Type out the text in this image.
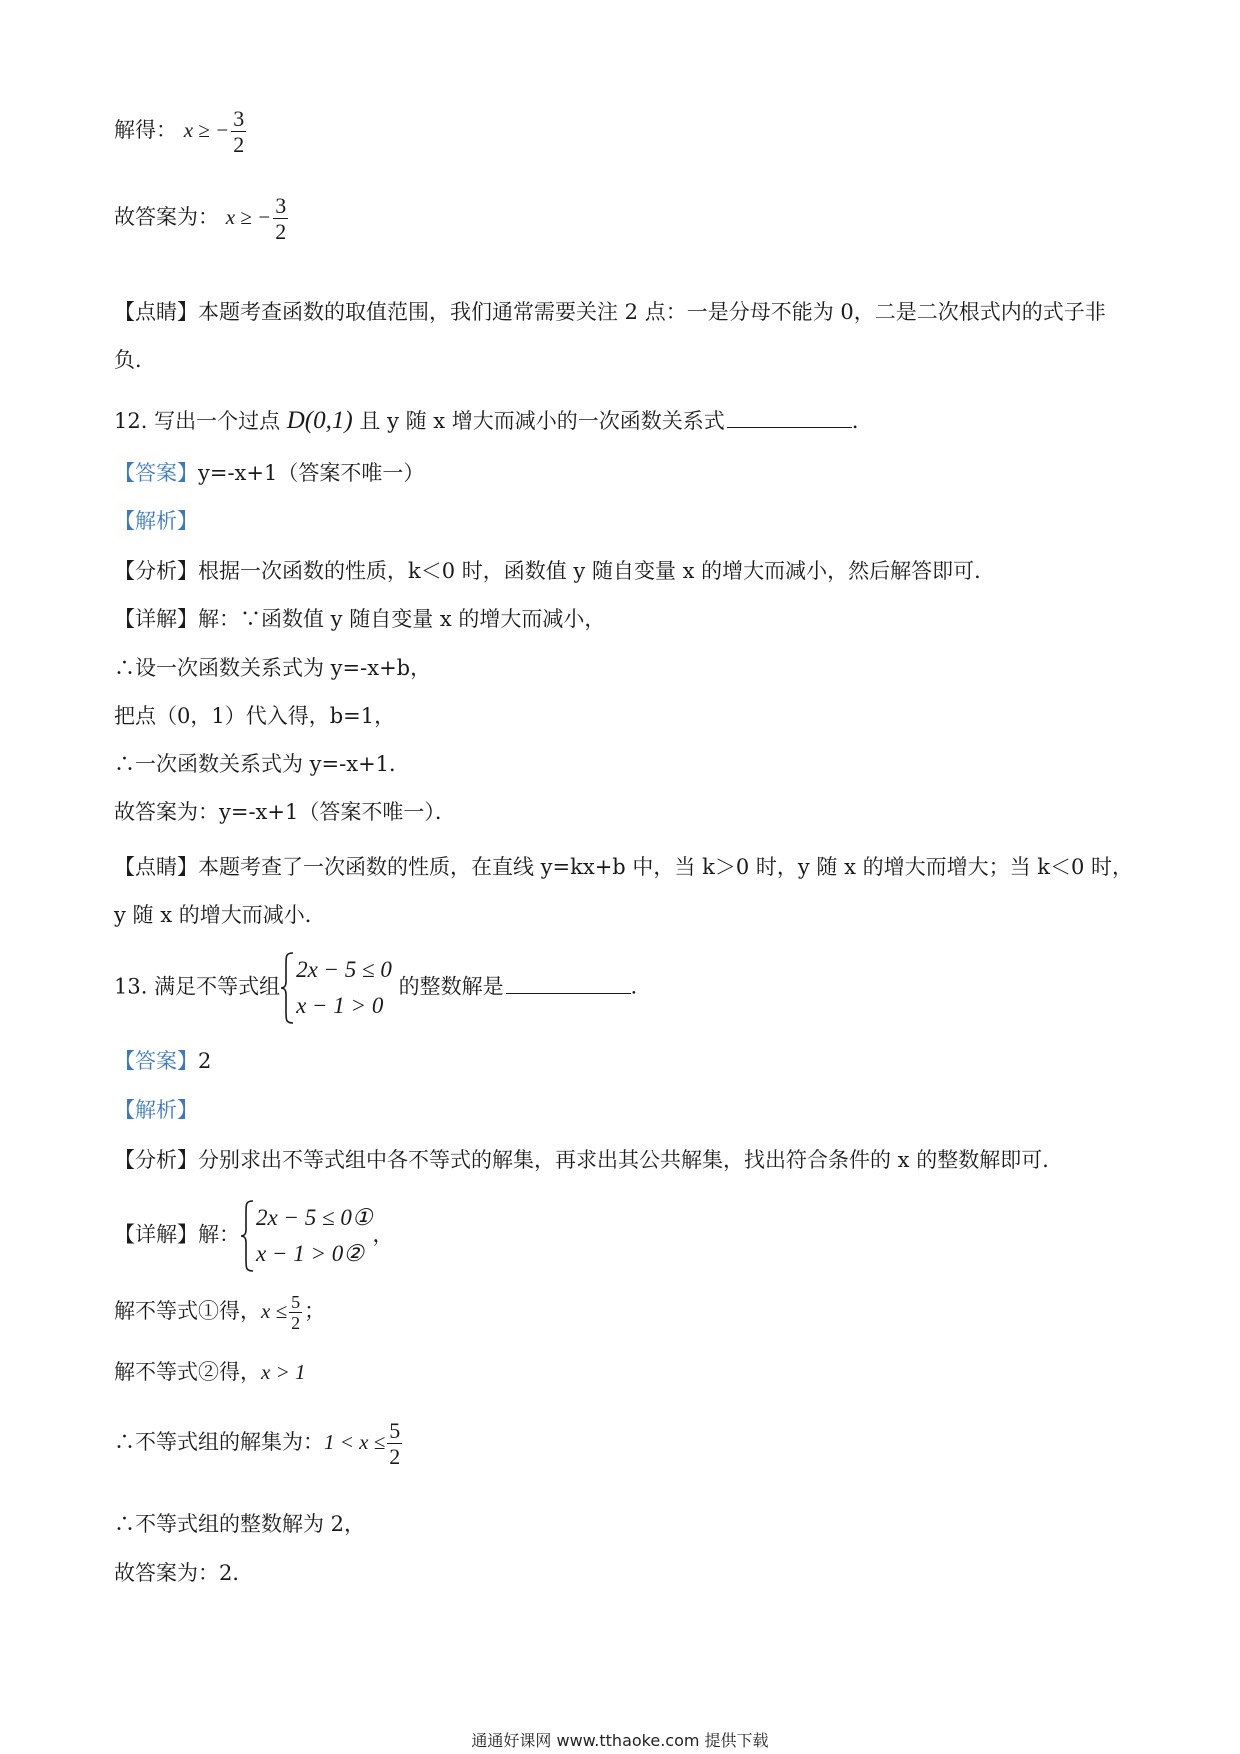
解得： x ≥ − $\frac{3}{2}$
故答案为： x ≥ − $\frac{3}{2}$
【点睛】本题考查函数的取值范围，我们通常需要关注 2 点：一是分母不能为 0，二是二次根式内的式子非负．
12. 写出一个过点 D(0,1) 且 y 随 x 增大而减小的一次函数关系式	．
【答案】y=-x+1（答案不唯一）
【解析】
【分析】根据一次函数的性质，k＜0 时，函数值 y 随自变量 x 的增大而减小，然后解答即可．
【详解】解：∵函数值 y 随自变量 x 的增大而减小，
∴设一次函数关系式为 y=-x+b，
把点（0，1）代入得，b=1，
∴一次函数关系式为 y=-x+1．
故答案为：y=-x+1（答案不唯一）．
【点睛】本题考查了一次函数的性质，在直线 y=kx+b 中，当 k＞0 时，y 随 x 的增大而增大；当 k＜0 时，y 随 x 的增大而减小．
13. 满足不等式组
2x − 5 ≤ 0
x − 1 > 0
的整数解是	．
【答案】2
【解析】
【分析】分别求出不等式组中各不等式的解集，再求出其公共解集，找出符合条件的 x 的整数解即可．
【详解】解：
2x − 5 ≤ 0①
x − 1 > 0②
，
解不等式①得，$x \le \frac{5}{2}$ ；
解不等式②得，x > 1
∴不等式组的解集为：$1 < x \le \frac{5}{2}$
∴不等式组的整数解为 2，
故答案为：2．
通通好课网 www.tthaoke.com 提供下载
